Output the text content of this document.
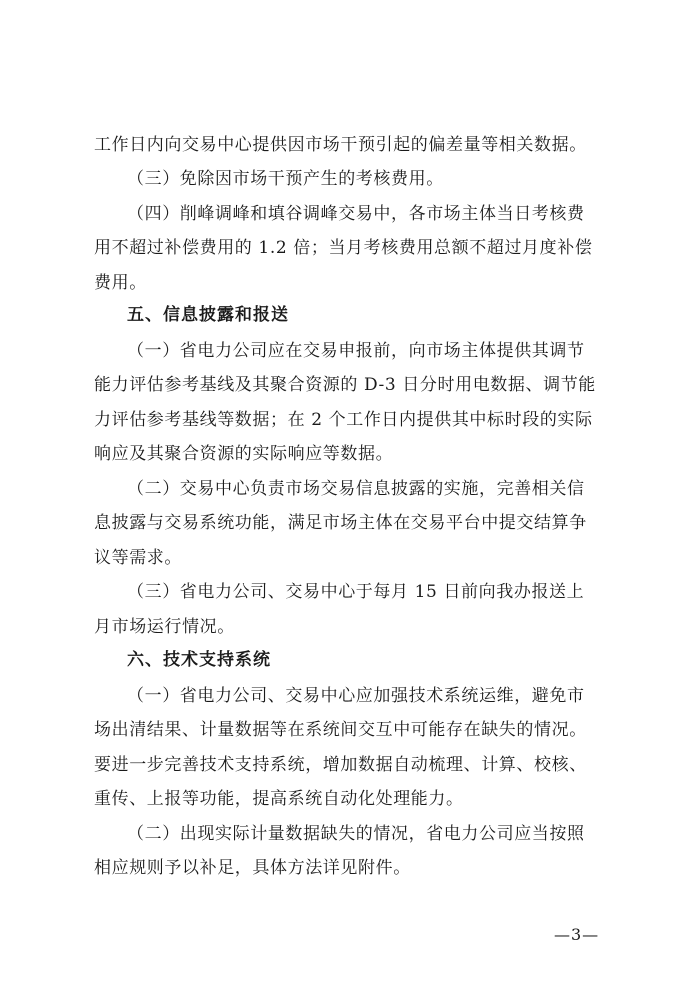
工作日内向交易中心提供因市场干预引起的偏差量等相关数据。

（三）免除因市场干预产生的考核费用。

（四）削峰调峰和填谷调峰交易中，各市场主体当日考核费

用不超过补偿费用的 1.2 倍；当月考核费用总额不超过月度补偿

费用。

五、信息披露和报送

（一）省电力公司应在交易申报前，向市场主体提供其调节

能力评估参考基线及其聚合资源的 D-3 日分时用电数据、调节能

力评估参考基线等数据；在 2 个工作日内提供其中标时段的实际

响应及其聚合资源的实际响应等数据。

（二）交易中心负责市场交易信息披露的实施，完善相关信

息披露与交易系统功能，满足市场主体在交易平台中提交结算争

议等需求。

（三）省电力公司、交易中心于每月 15 日前向我办报送上

月市场运行情况。

六、技术支持系统

（一）省电力公司、交易中心应加强技术系统运维，避免市

场出清结果、计量数据等在系统间交互中可能存在缺失的情况。

要进一步完善技术支持系统，增加数据自动梳理、计算、校核、

重传、上报等功能，提高系统自动化处理能力。

（二）出现实际计量数据缺失的情况，省电力公司应当按照

相应规则予以补足，具体方法详见附件。

—3—
